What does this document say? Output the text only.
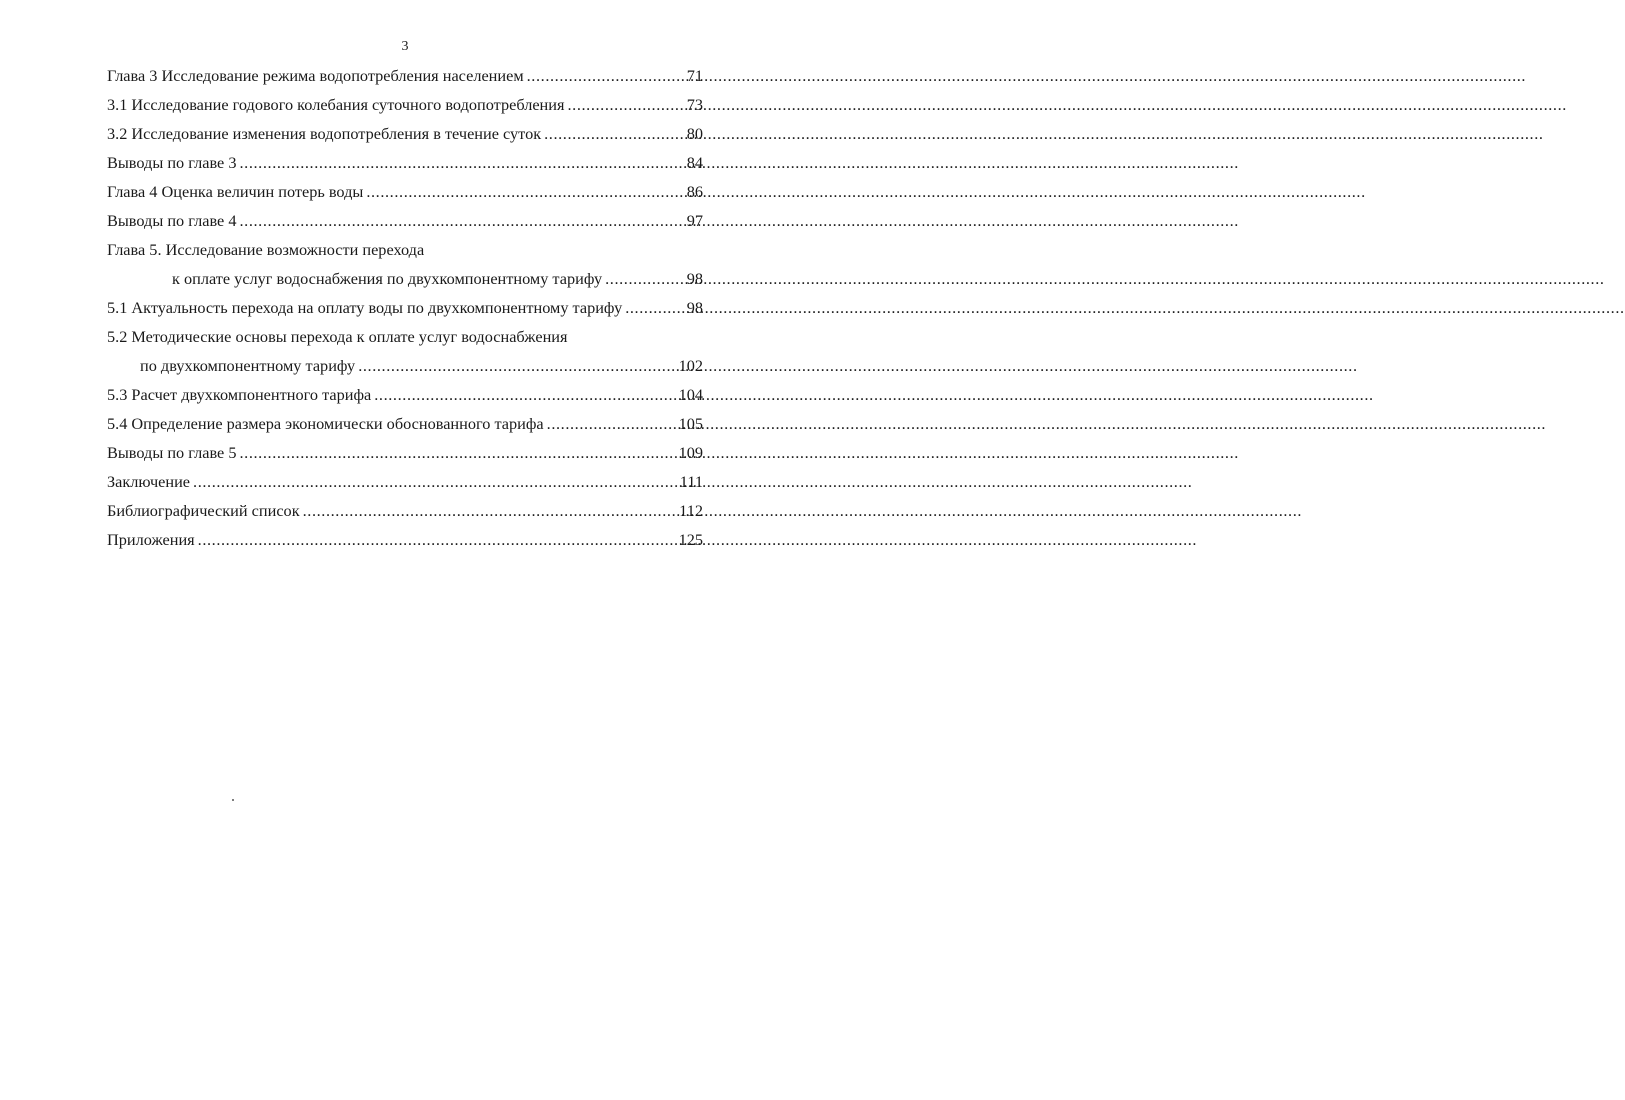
3
Глава 3 Исследование режима водопотребления населением .....	71
3.1 Исследование годового колебания суточного водопотребления .....	73
3.2 Исследование изменения водопотребления в течение суток .....	80
Выводы по главе 3 .....	84
Глава 4 Оценка величин потерь воды .....	86
Выводы по главе 4 .....	97
Глава 5. Исследование возможности перехода
к оплате услуг водоснабжения по двухкомпонентному тарифу .....	98
5.1 Актуальность перехода на оплату воды по двухкомпонентному тарифу .....	98
5.2 Методические основы перехода к оплате услуг водоснабжения
по двухкомпонентному тарифу .....	102
5.3 Расчет двухкомпонентного тарифа .....	104
5.4 Определение размера экономически обоснованного тарифа .....	105
Выводы по главе 5 .....	109
Заключение .....	111
Библиографический список .....	112
Приложения .....	125
